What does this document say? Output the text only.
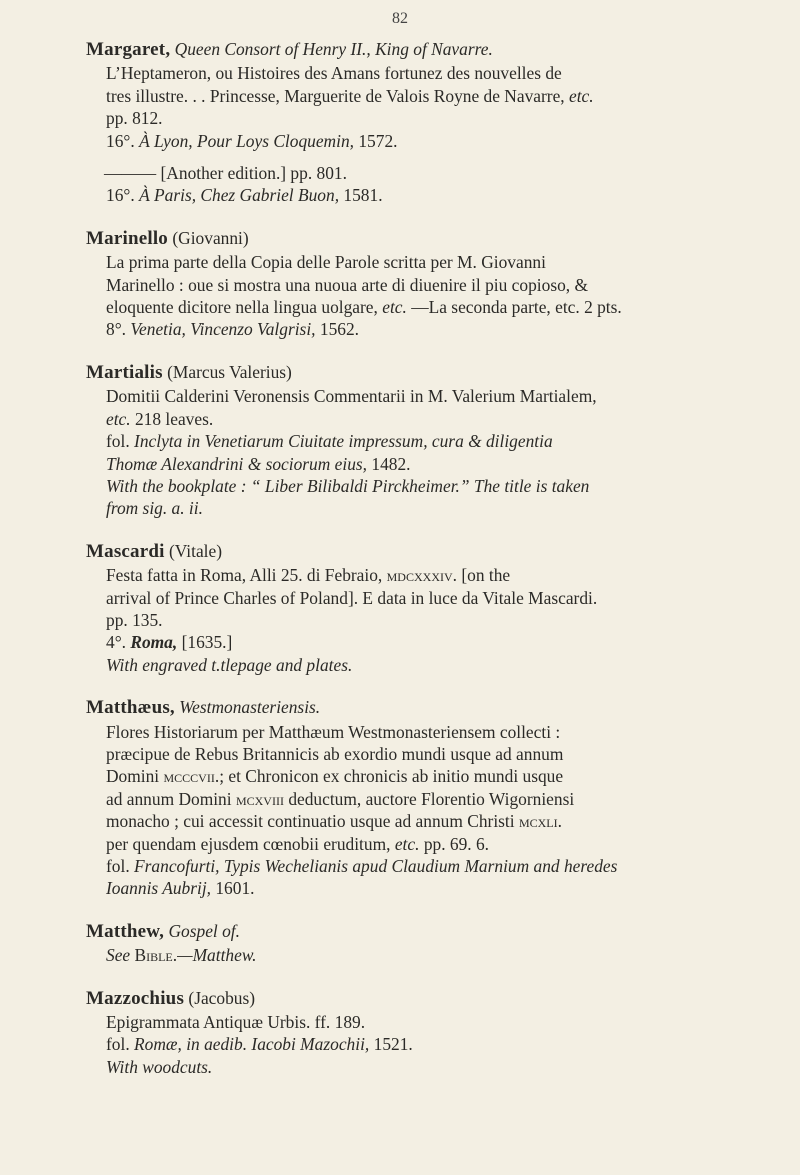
82
Margaret, Queen Consort of Henry II., King of Navarre.
L’Heptameron, ou Histoires des Amans fortunez des nouvelles de
tres illustre. . . Princesse, Marguerite de Valois Royne de Navarre, etc.
pp. 812.
16°. À Lyon, Pour Loys Cloquemin, 1572.
——— [Another edition.] pp. 801.
16°. À Paris, Chez Gabriel Buon, 1581.
Marinello (Giovanni)
La prima parte della Copia delle Parole scritta per M. Giovanni
Marinello : oue si mostra una nuoua arte di diuenire il piu copioso, &
eloquente dicitore nella lingua uolgare, etc. —La seconda parte, etc. 2 pts.
8°. Venetia, Vincenzo Valgrisi, 1562.
Martialis (Marcus Valerius)
Domitii Calderini Veronensis Commentarii in M. Valerium Martialem,
etc. 218 leaves.
fol. Inclyta in Venetiarum Ciuitate impressum, cura & diligentia
Thomæ Alexandrini & sociorum eius, 1482.
With the bookplate : “ Liber Bilibaldi Pirckheimer.” The title is taken
from sig. a. ii.
Mascardi (Vitale)
Festa fatta in Roma, Alli 25. di Febraio, mdcxxxiv. [on the
arrival of Prince Charles of Poland]. E data in luce da Vitale Mascardi.
pp. 135.
4°. Roma, [1635.]
With engraved t.tlepage and plates.
Matthæus, Westmonasteriensis.
Flores Historiarum per Matthæum Westmonasteriensem collecti :
præcipue de Rebus Britannicis ab exordio mundi usque ad annum
Domini mcccvii.; et Chronicon ex chronicis ab initio mundi usque
ad annum Domini mcxviii deductum, auctore Florentio Wigorniensi
monacho ; cui accessit continuatio usque ad annum Christi mcxli.
per quendam ejusdem cœnobii eruditum, etc. pp. 69. 6.
fol. Francofurti, Typis Wechelianis apud Claudium Marnium and heredes
Ioannis Aubrij, 1601.
Matthew, Gospel of.
See Bible.—Matthew.
Mazzochius (Jacobus)
Epigrammata Antiquæ Urbis. ff. 189.
fol. Romæ, in aedib. Iacobi Mazochii, 1521.
With woodcuts.
